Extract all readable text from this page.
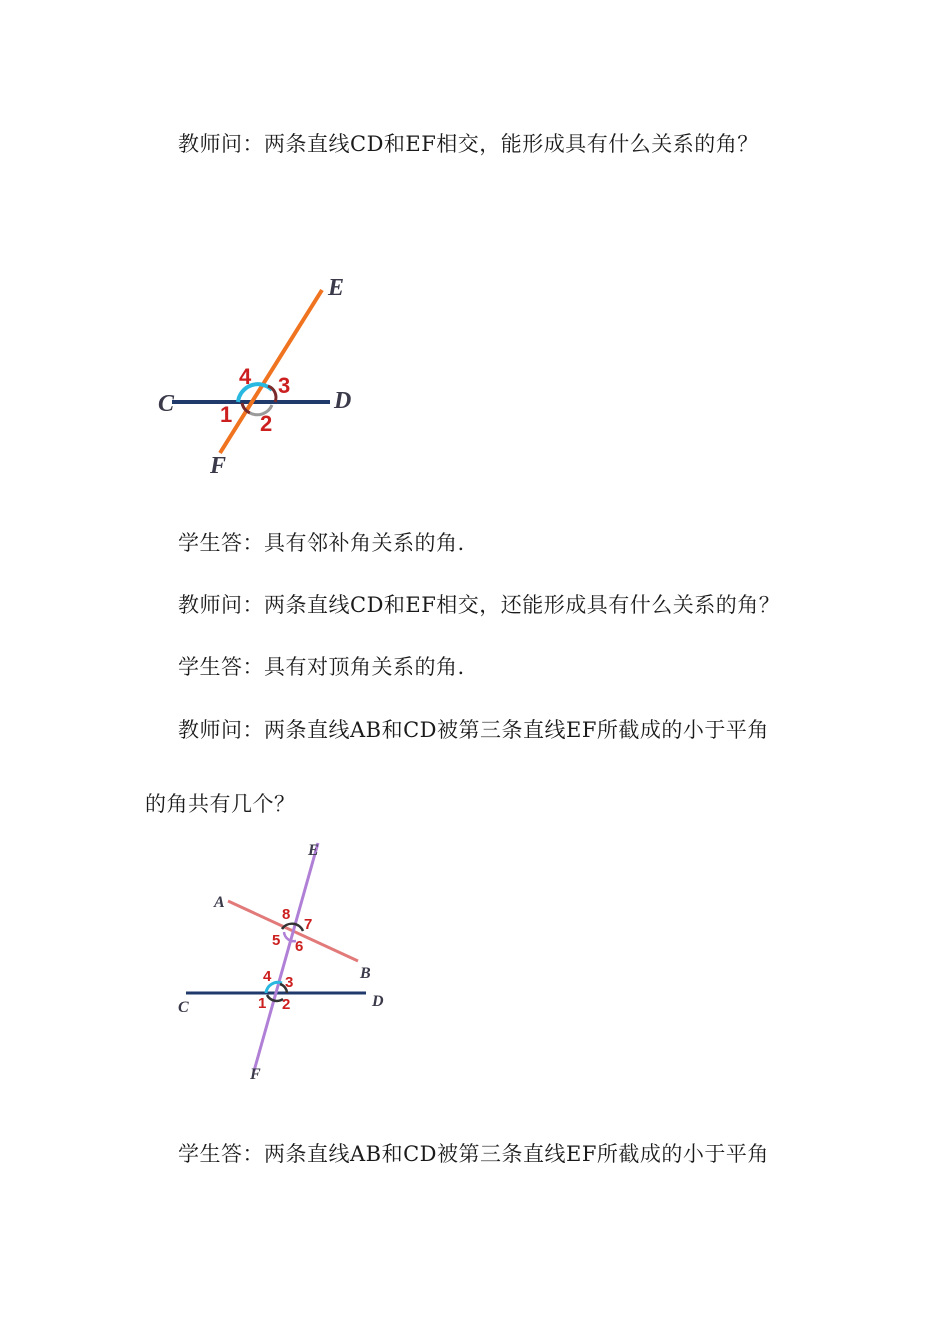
教师问：两条直线CD和EF相交，能形成具有什么关系的角？
E
C	D
F
4 3
1 2
学生答：具有邻补角关系的角.
教师问：两条直线CD和EF相交，还能形成具有什么关系的角？
学生答：具有对顶角关系的角.
教师问：两条直线AB和CD被第三条直线EF所截成的小于平角
的角共有几个？
E
A
B
C	D
F
8
7
5 6
4 3
1 2
学生答：两条直线AB和CD被第三条直线EF所截成的小于平角
